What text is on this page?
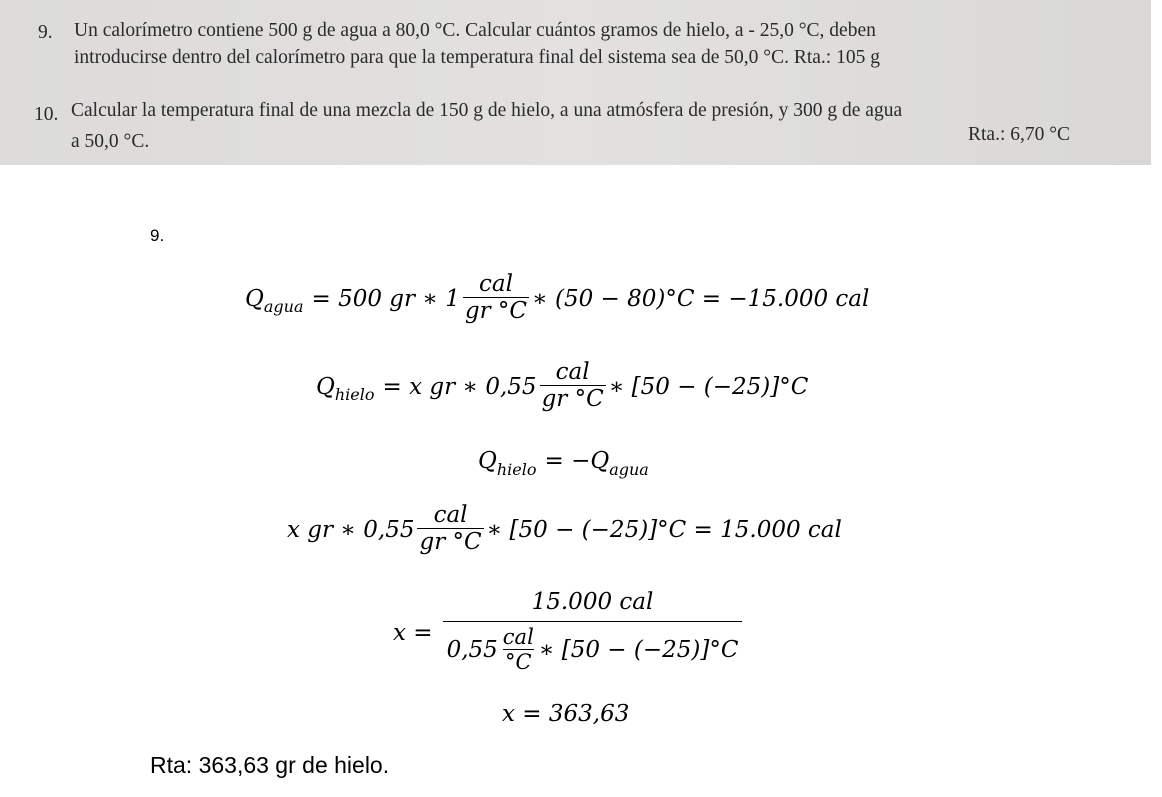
9. Un calorímetro contiene 500 g de agua a 80,0 °C. Calcular cuántos gramos de hielo, a - 25,0 °C, deben
introducirse dentro del calorímetro para que la temperatura final del sistema sea de 50,0 °C. Rta.: 105 g
10. Calcular la temperatura final de una mezcla de 150 g de hielo, a una atmósfera de presión, y 300 g de agua
a 50,0 °C.	Rta.: 6,70 °C
9.
Q agua = 500 gr ∗ $1 \frac{\text{cal}}{gr ^\circ C}$ ∗ (50 − 80)°C = −15.000 cal
Q hielo = x gr ∗ $0,55 \frac{\text{cal}}{gr ^\circ C}$ ∗ [50 − (−25)]°C
Q hielo = −Q agua
x gr ∗ $0,55 \frac{\text{cal}}{gr ^\circ C}$ ∗ [50 − (−25)]°C = 15.000 cal
x =
15.000 cal
$0,55 \frac{\text{cal}}{^\circ C}$ ∗ [50 − (−25)]°C
x = 363,63
Rta: 363,63 gr de hielo.
